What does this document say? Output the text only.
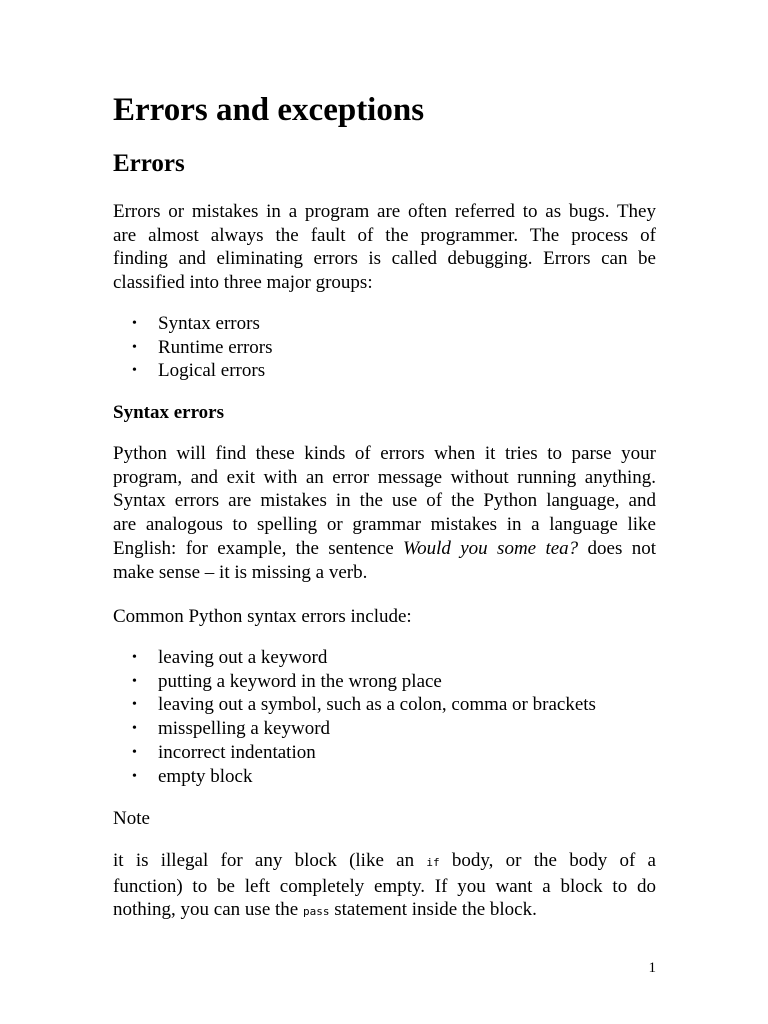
Errors and exceptions
Errors
Errors or mistakes in a program are often referred to as bugs. They
are almost always the fault of the programmer. The process of
finding and eliminating errors is called debugging. Errors can be
classified into three major groups:
• Syntax errors
• Runtime errors
• Logical errors
Syntax errors
Python will find these kinds of errors when it tries to parse your
program, and exit with an error message without running anything.
Syntax errors are mistakes in the use of the Python language, and
are analogous to spelling or grammar mistakes in a language like
English: for example, the sentence Would you some tea? does not
make sense – it is missing a verb.

Common Python syntax errors include:

• leaving out a keyword
• putting a keyword in the wrong place
• leaving out a symbol, such as a colon, comma or brackets
• misspelling a keyword
• incorrect indentation
• empty block

Note

it is illegal for any block (like an if body, or the body of a
function) to be left completely empty. If you want a block to do
nothing, you can use the pass statement inside the block.
1
